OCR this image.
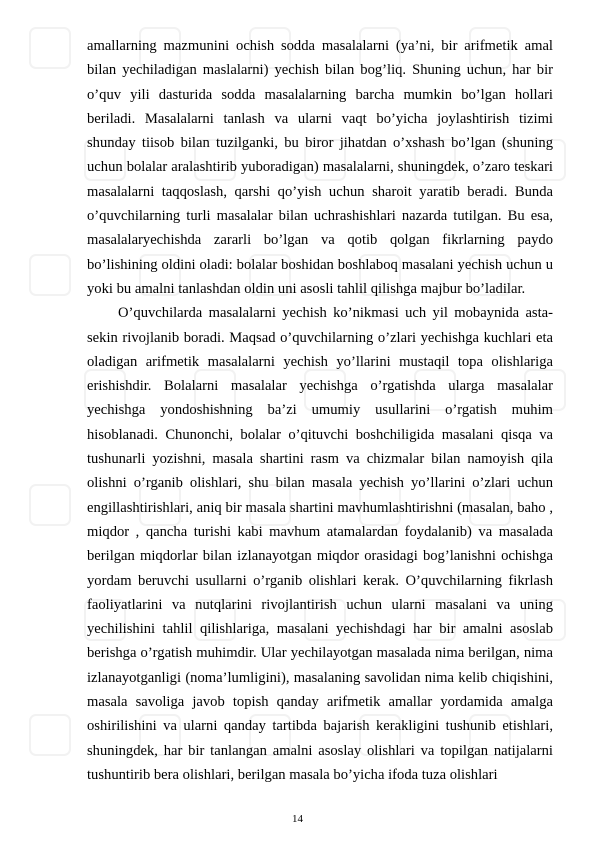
amallarning mazmunini ochish sodda masalalarni (ya’ni, bir arifmetik amal bilan yechiladigan maslalarni) yechish bilan bog’liq. Shuning uchun, har bir o’quv yili dasturida sodda masalalarning barcha mumkin bo’lgan hollari beriladi. Masalalarni tanlash va ularni vaqt bo’yicha joylashtirish tizimi shunday tiisob bilan tuzilganki, bu biror jihatdan o’xshash bo’lgan (shuning uchun bolalar aralashtirib yuboradigan) masalalarni, shuningdek, o’zaro teskari masalalarni taqqoslash, qarshi qo’yish uchun sharoit yaratib beradi. Bunda o’quvchilarning turli masalalar bilan uchrashishlari nazarda tutilgan. Bu esa, masalalaryechishda zararli bo’lgan va qotib qolgan fikrlarning paydo bo’lishining oldini oladi: bolalar boshidan boshlaboq masalani yechish uchun u yoki bu amalni tanlashdan oldin uni asosli tahlil qilishga majbur bo’ladilar.

O’quvchilarda masalalarni yechish ko’nikmasi uch yil mobaynida asta-sekin rivojlanib boradi. Maqsad o’quvchilarning o’zlari yechishga kuchlari eta oladigan arifmetik masalalarni yechish yo’llarini mustaqil topa olishlariga erishishdir. Bolalarni masalalar yechishga o’rgatishda ularga masalalar yechishga yondoshishning ba’zi umumiy usullarini o’rgatish muhim hisoblanadi. Chunonchi, bolalar o’qituvchi boshchiligida masalani qisqa va tushunarli yozishni, masala shartini rasm va chizmalar bilan namoyish qila olishni o’rganib olishlari, shu bilan masala yechish yo’llarini o’zlari uchun engillashtirishlari, aniq bir masala shartini mavhumlashtirishni (masalan, baho , miqdor , qancha turishi kabi mavhum atamalardan foydalanib) va masalada berilgan miqdorlar bilan izlanayotgan miqdor orasidagi bog’lanishni ochishga yordam beruvchi usullarni o’rganib olishlari kerak. O’quvchilarning fikrlash faoliyatlarini va nutqlarini rivojlantirish uchun ularni masalani va uning yechilishini tahlil qilishlariga, masalani yechishdagi har bir amalni asoslab berishga o’rgatish muhimdir. Ular yechilayotgan masalada nima berilgan, nima izlanayotganligi (noma’lumligini), masalaning savolidan nima kelib chiqishini, masala savoliga javob topish qanday arifmetik amallar yordamida amalga oshirilishini va ularni qanday tartibda bajarish kerakligini tushunib etishlari, shuningdek, har bir tanlangan amalni asoslay olishlari va topilgan natijalarni tushuntirib bera olishlari, berilgan masala bo’yicha ifoda tuza olishlari

14
